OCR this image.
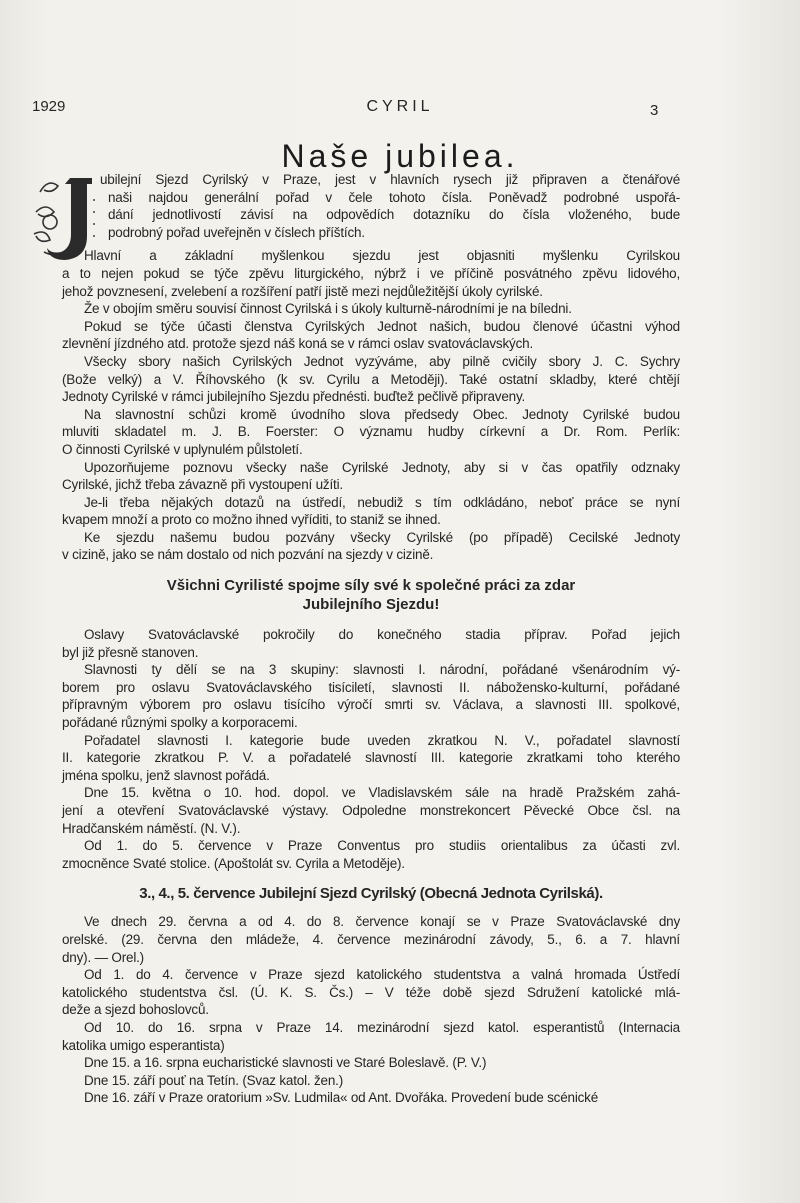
1929	CYRIL	3
Naše jubilea.
ubilejní Sjezd Cyrilský v Praze, jest v hlavních rysech již připraven a čtenářové
naši najdou generální pořad v čele tohoto čísla. Poněvadž podrobné uspořá-
dání jednotlivostí závisí na odpovědích dotazníku do čísla vloženého, bude
podrobný pořad uveřejněn v číslech příštích.
Hlavní a základní myšlenkou sjezdu jest objasniti myšlenku Cyrilskou
a to nejen pokud se týče zpěvu liturgického, nýbrž i ve příčině posvátného zpěvu lidového,
jehož povznesení, zvelebení a rozšíření patří jistě mezi nejdůležitější úkoly cyrilské.
Že v obojím směru souvisí činnost Cyrilská i s úkoly kulturně-národními je na bíledni.
Pokud se týče účasti členstva Cyrilských Jednot našich, budou členové účastni výhod
zlevnění jízdného atd. protože sjezd náš koná se v rámci oslav svatováclavských.
Všecky sbory našich Cyrilských Jednot vyzýváme, aby pilně cvičily sbory J. C. Sychry
(Bože velký) a V. Říhovského (k sv. Cyrilu a Metoději). Také ostatní skladby, které chtějí
Jednoty Cyrilské v rámci jubilejního Sjezdu přednésti. buďtež pečlivě připraveny.
Na slavnostní schůzi kromě úvodního slova předsedy Obec. Jednoty Cyrilské budou
mluviti skladatel m. J. B. Foerster: O významu hudby církevní a Dr. Rom. Perlík:
O činnosti Cyrilské v uplynulém půlstoletí.
Upozorňujeme poznovu všecky naše Cyrilské Jednoty, aby si v čas opatřily odznaky
Cyrilské, jichž třeba závazně při vystoupení užíti.
Je-li třeba nějakých dotazů na ústředí, nebudiž s tím odkládáno, neboť práce se nyní
kvapem množí a proto co možno ihned vyříditi, to staniž se ihned.
Ke sjezdu našemu budou pozvány všecky Cyrilské (po případě) Cecilské Jednoty
v cizině, jako se nám dostalo od nich pozvání na sjezdy v cizině.
Všichni Cyrilisté spojme síly své k společné práci za zdar
Jubilejního Sjezdu!
Oslavy Svatováclavské pokročily do konečného stadia příprav. Pořad jejich
byl již přesně stanoven.
Slavnosti ty dělí se na 3 skupiny: slavnosti I. národní, pořádané všenárodním vý-
borem pro oslavu Svatováclavského tisíciletí, slavnosti II. nábožensko-kulturní, pořádané
přípravným výborem pro oslavu tisícího výročí smrti sv. Václava, a slavnosti III. spolkové,
pořádané různými spolky a korporacemi.
Pořadatel slavnosti I. kategorie bude uveden zkratkou N. V., pořadatel slavností
II. kategorie zkratkou P. V. a pořadatelé slavností III. kategorie zkratkami toho kterého
jména spolku, jenž slavnost pořádá.
Dne 15. května o 10. hod. dopol. ve Vladislavském sále na hradě Pražském zahá-
jení a otevření Svatováclavské výstavy. Odpoledne monstrekoncert Pěvecké Obce čsl. na
Hradčanském náměstí. (N. V.).
Od 1. do 5. července v Praze Conventus pro studiis orientalibus za účasti zvl.
zmocněnce Svaté stolice. (Apoštolát sv. Cyrila a Metoděje).
3., 4., 5. července Jubilejní Sjezd Cyrilský (Obecná Jednota Cyrilská).
Ve dnech 29. června a od 4. do 8. července konají se v Praze Svatováclavské dny
orelské. (29. června den mládeže, 4. července mezinárodní závody, 5., 6. a 7. hlavní
dny). — Orel.)
Od 1. do 4. července v Praze sjezd katolického studentstva a valná hromada Ústředí
katolického studentstva čsl. (Ú. K. S. Čs.) – V téže době sjezd Sdružení katolické mlá-
deže a sjezd bohoslovců.
Od 10. do 16. srpna v Praze 14. mezinárodní sjezd katol. esperantistů (Internacia
katolika umigo esperantista)
Dne 15. a 16. srpna eucharistické slavnosti ve Staré Boleslavě. (P. V.)
Dne 15. září pouť na Tetín. (Svaz katol. žen.)
Dne 16. září v Praze oratorium »Sv. Ludmila« od Ant. Dvořáka. Provedení bude scénické
